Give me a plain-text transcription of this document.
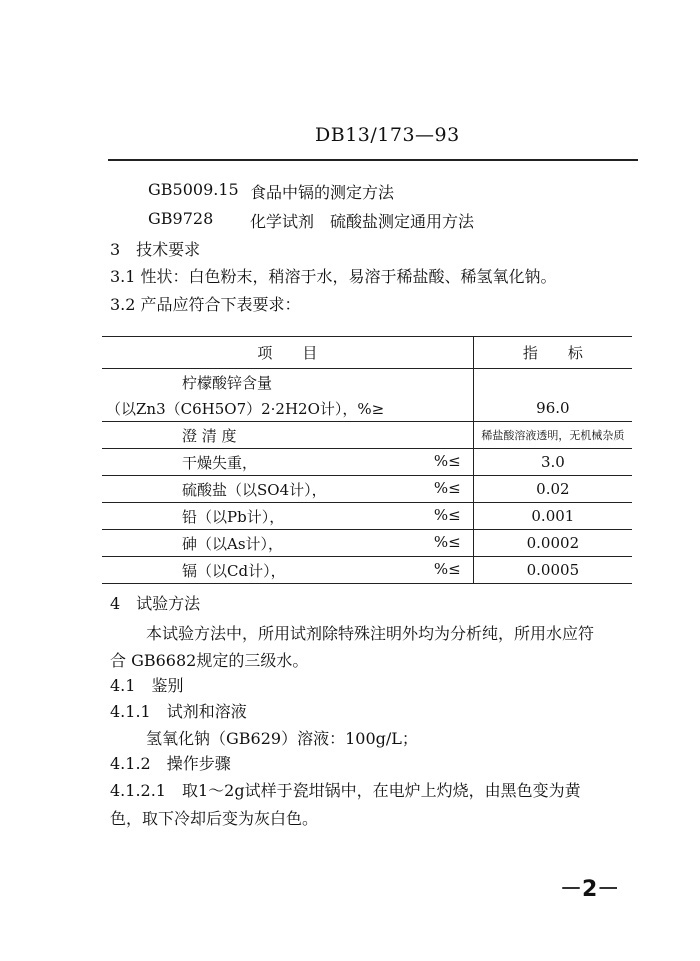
DB13/173—93
GB5009.15 食品中镉的测定方法
GB9728 化学试剂　硫酸盐测定通用方法
3　技术要求
3.1 性状：白色粉末，稍溶于水，易溶于稀盐酸、稀氢氧化钠。
3.2 产品应符合下表要求：
项　　目	指　　标
柠檬酸锌含量	
（以Zn3（C6H5O7）2·2H2O计），%≥	96.0
澄 清 度	稀盐酸溶液透明，无机械杂质

干燥失重， %≤	3.0

硫酸盐（以SO4计）， %≤	0.02

铅（以Pb计）， %≤	0.001

砷（以As计）， %≤	0.0002

镉（以Cd计）， %≤	0.0005
4　试验方法
本试验方法中，所用试剂除特殊注明外均为分析纯，所用水应符
合 GB6682规定的三级水。
4.1　鉴别
4.1.1　试剂和溶液
氢氧化钠（GB629）溶液：100g/L；
4.1.2　操作步骤
4.1.2.1　取1～2g试样于瓷坩锅中，在电炉上灼烧，由黑色变为黄
色，取下冷却后变为灰白色。
－2－
